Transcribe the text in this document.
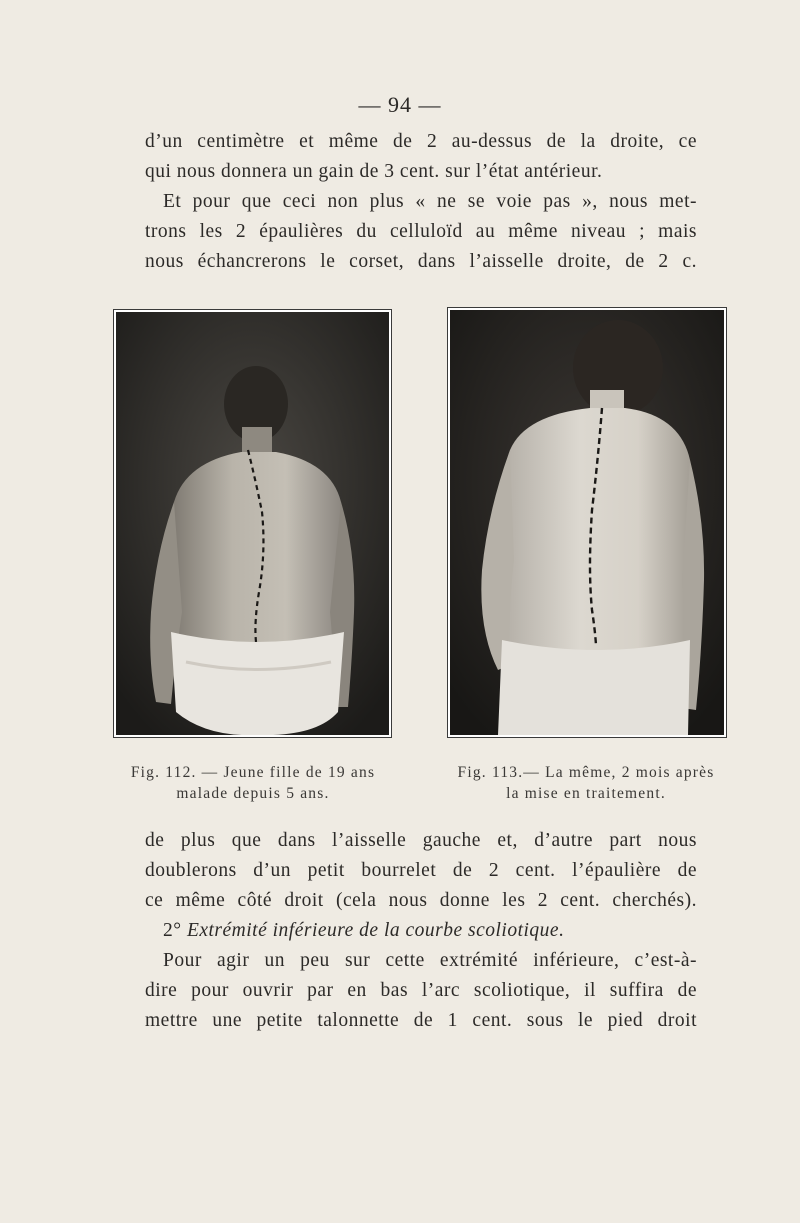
— 94 —
d’un centimètre et même de 2 au-dessus de la droite, ce
qui nous donnera un gain de 3 cent. sur l’état antérieur.
Et pour que ceci non plus « ne se voie pas », nous met-
trons les 2 épaulières du celluloïd au même niveau ; mais
nous échancrerons le corset, dans l’aisselle droite, de 2 c.
Fig. 112. — Jeune fille de 19 ans
malade depuis 5 ans.
Fig. 113.— La même, 2 mois après
la mise en traitement.
de plus que dans l’aisselle gauche et, d’autre part nous
doublerons d’un petit bourrelet de 2 cent. l’épaulière de
ce même côté droit (cela nous donne les 2 cent. cherchés).
2° Extrémité inférieure de la courbe scoliotique.
Pour agir un peu sur cette extrémité inférieure, c’est-à-
dire pour ouvrir par en bas l’arc scoliotique, il suffira de
mettre une petite talonnette de 1 cent. sous le pied droit
